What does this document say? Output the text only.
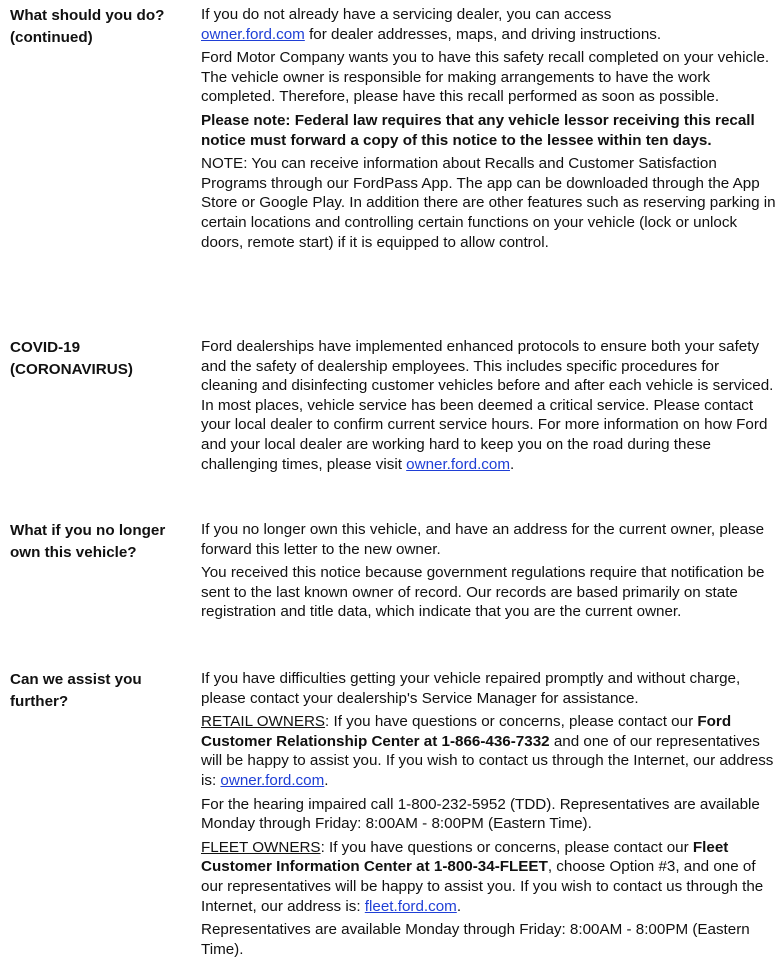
What should you do?
(continued)

If you do not already have a servicing dealer, you can access
owner.ford.com for dealer addresses, maps, and driving instructions.

Ford Motor Company wants you to have this safety recall completed on your vehicle. The vehicle owner is responsible for making arrangements to have the work completed. Therefore, please have this recall performed as soon as possible.

Please note: Federal law requires that any vehicle lessor receiving this recall notice must forward a copy of this notice to the lessee within ten days.

NOTE: You can receive information about Recalls and Customer Satisfaction Programs through our FordPass App. The app can be downloaded through the App Store or Google Play. In addition there are other features such as reserving parking in certain locations and controlling certain functions on your vehicle (lock or unlock doors, remote start) if it is equipped to allow control.

COVID-19
(CORONAVIRUS)

Ford dealerships have implemented enhanced protocols to ensure both your safety and the safety of dealership employees. This includes specific procedures for cleaning and disinfecting customer vehicles before and after each vehicle is serviced. In most places, vehicle service has been deemed a critical service. Please contact your local dealer to confirm current service hours. For more information on how Ford and your local dealer are working hard to keep you on the road during these challenging times, please visit owner.ford.com.

What if you no longer
own this vehicle?

If you no longer own this vehicle, and have an address for the current owner, please forward this letter to the new owner.

You received this notice because government regulations require that notification be sent to the last known owner of record. Our records are based primarily on state registration and title data, which indicate that you are the current owner.

Can we assist you
further?

If you have difficulties getting your vehicle repaired promptly and without charge, please contact your dealership's Service Manager for assistance.

RETAIL OWNERS: If you have questions or concerns, please contact our Ford Customer Relationship Center at 1-866-436-7332 and one of our representatives will be happy to assist you. If you wish to contact us through the Internet, our address is: owner.ford.com.

For the hearing impaired call 1-800-232-5952 (TDD). Representatives are available Monday through Friday: 8:00AM - 8:00PM (Eastern Time).

FLEET OWNERS: If you have questions or concerns, please contact our Fleet Customer Information Center at 1-800-34-FLEET, choose Option #3, and one of our representatives will be happy to assist you. If you wish to contact us through the Internet, our address is: fleet.ford.com.

Representatives are available Monday through Friday: 8:00AM - 8:00PM (Eastern Time).
